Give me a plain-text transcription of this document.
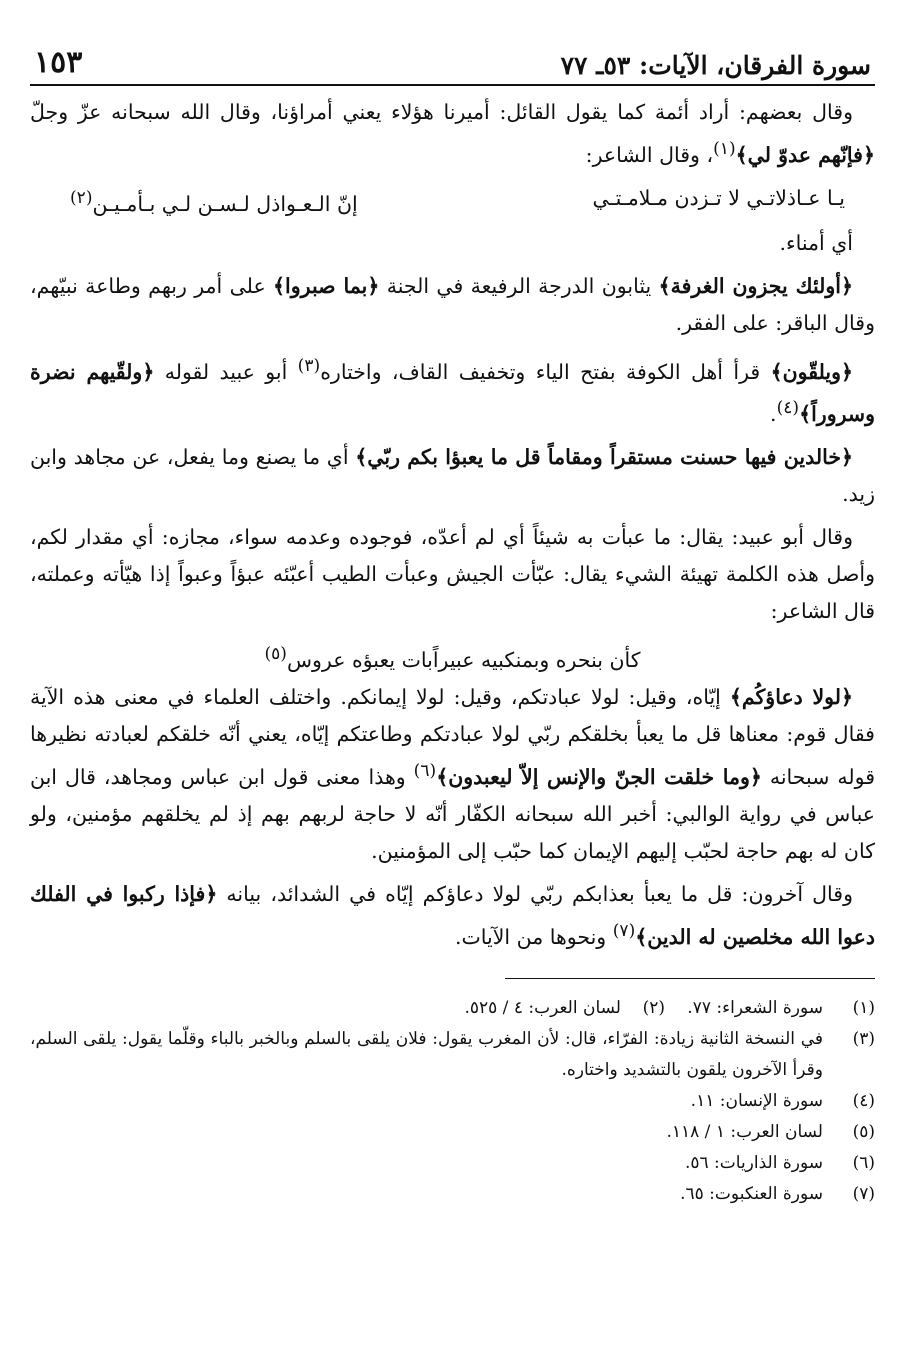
سورة الفرقان، الآيات: ٥٣ـ ٧٧
١٥٣

وقال بعضهم: أراد أئمة كما يقول القائل: أميرنا هؤلاء يعني أمراؤنا، وقال الله سبحانه عزّ وجلّ ﴿فإنّهم عدوّ لي﴾$^{(١)}$، وقال الشاعر:

يـا عـاذلاتـي لا تـزدن مـلامـتـي
إنّ الـعـواذل لـسـن لـي بـأمـيـن$^{(٢)}$

أي أمناء.

﴿أولئك يجزون الغرفة﴾ يثابون الدرجة الرفيعة في الجنة ﴿بما صبروا﴾ على أمر ربهم وطاعة نبيّهم، وقال الباقر: على الفقر.

﴿ويلقّون﴾ قرأ أهل الكوفة بفتح الياء وتخفيف القاف، واختاره$^{(٣)}$ أبو عبيد لقوله ﴿ولقّيهم نضرة وسروراً﴾$^{(٤)}$.

﴿خالدين فيها حسنت مستقراً ومقاماً قل ما يعبؤا بكم ربّي﴾ أي ما يصنع وما يفعل، عن مجاهد وابن زيد.

وقال أبو عبيد: يقال: ما عبأت به شيئاً أي لم أعدّه، فوجوده وعدمه سواء، مجازه: أي مقدار لكم، وأصل هذه الكلمة تهيئة الشيء يقال: عبّأت الجيش وعبأت الطيب أعبّئه عبؤاً وعبواً إذا هيّأته وعملته، قال الشاعر:

كأن بنحره وبمنكبيه عبيراًبات يعبؤه عروس$^{(٥)}$

﴿لولا دعاؤكُم﴾ إيّاه، وقيل: لولا عبادتكم، وقيل: لولا إيمانكم. واختلف العلماء في معنى هذه الآية فقال قوم: معناها قل ما يعبأ بخلقكم ربّي لولا عبادتكم وطاعتكم إيّاه، يعني أنّه خلقكم لعبادته نظيرها قوله سبحانه ﴿وما خلقت الجنّ والإنس إلاّ ليعبدون﴾$^{(٦)}$ وهذا معنى قول ابن عباس ومجاهد، قال ابن عباس في رواية الوالبي: أخبر الله سبحانه الكفّار أنّه لا حاجة لربهم بهم إذ لم يخلقهم مؤمنين، ولو كان له بهم حاجة لحبّب إليهم الإيمان كما حبّب إلى المؤمنين.

وقال آخرون: قل ما يعبأ بعذابكم ربّي لولا دعاؤكم إيّاه في الشدائد، بيانه ﴿فإذا ركبوا في الفلك دعوا الله مخلصين له الدين﴾$^{(٧)}$ ونحوها من الآيات.

(١)
سورة الشعراء: ٧٧.
(٢)
لسان العرب: ٤ / ٥٢٥.
(٣)
في النسخة الثانية زيادة: الفرّاء، قال: لأن المغرب يقول: فلان يلقى بالسلم وبالخبر بالباء وقلّما يقول: يلقى السلم، وقرأ الآخرون يلقون بالتشديد واختاره.
(٤)
سورة الإنسان: ١١.
(٥)
لسان العرب: ١ / ١١٨.
(٦)
سورة الذاريات: ٥٦.
(٧)
سورة العنكبوت: ٦٥.
